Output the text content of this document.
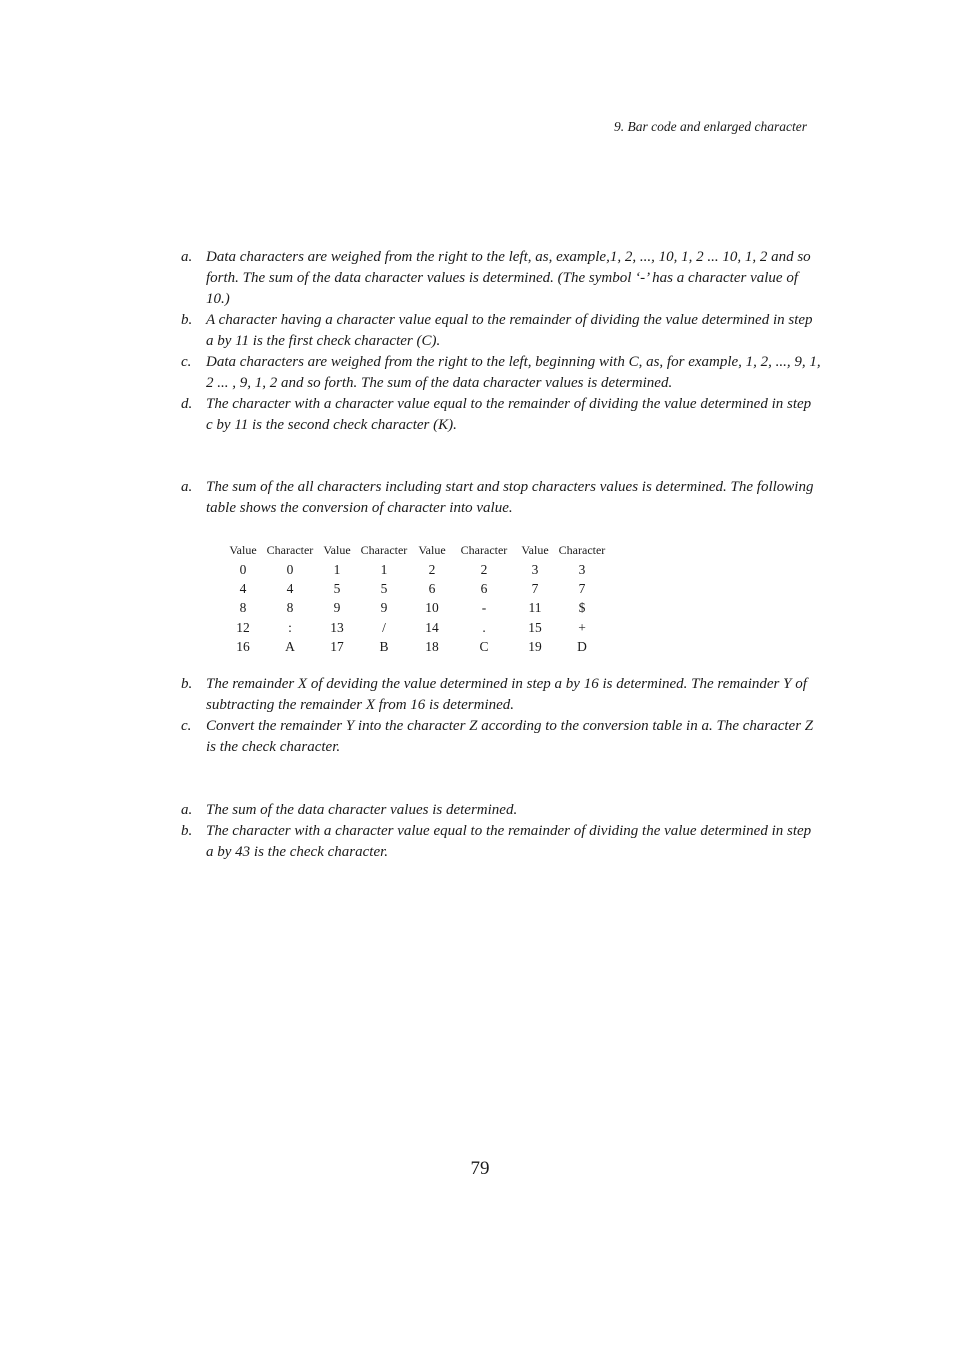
9. Bar code and enlarged character
a. Data characters are weighed from the right to the left, as, example,1, 2, ..., 10, 1, 2 ... 10, 1, 2 and so forth. The sum of the data character values is determined. (The symbol ‘-’ has a character value of 10.)
b. A character having a character value equal to the remainder of dividing the value determined in step a by 11 is the first check character (C).
c. Data characters are weighed from the right to the left, beginning with C, as, for example, 1, 2, ..., 9, 1, 2 ... , 9, 1, 2 and so forth. The sum of the data character values is determined.
d. The character with a character value equal to the remainder of dividing the value determined in step c by 11 is the second check character (K).
a. The sum of the all characters including start and stop characters values is determined. The following table shows the conversion of character into value.
Value	Character	Value	Character	Value	Character	Value	Character
0	0	1	1	2	2	3	3
4	4	5	5	6	6	7	7
8	8	9	9	10	-	11	$
12	:	13	/	14	.	15	+
16	A	17	B	18	C	19	D
b. The remainder X of deviding the value determined in step a by 16 is determined. The remainder Y of subtracting the remainder X from 16 is determined.
c. Convert the remainder Y into the character Z according to the conversion table in a. The character Z is the check character.
a. The sum of the data character values is determined.
b. The character with a character value equal to the remainder of dividing the value determined in step a by 43 is the check character.
79
